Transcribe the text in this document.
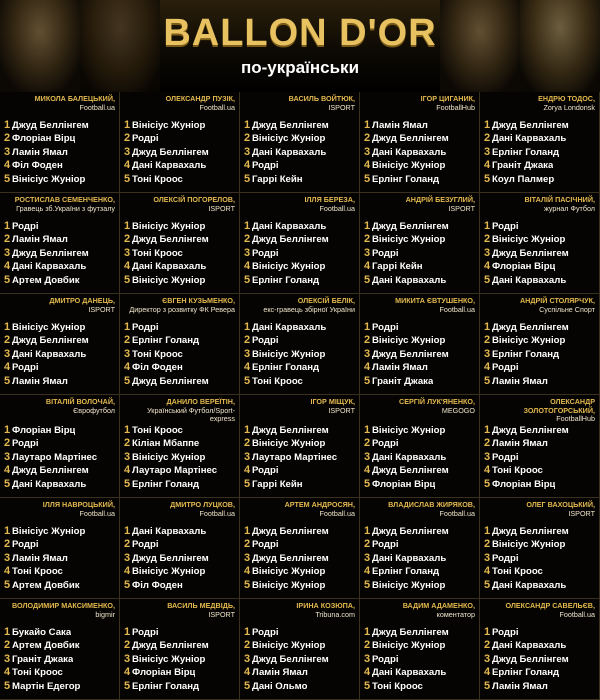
BALLON D'OR
по-українськи
МИКОЛА БАЛЕЦЬКИЙ,
Football.ua
1 Джуд Беллінгем
2 Флоріан Вірц
3 Ламін Ямал
4 Філ Фоден
5 Вінісіус Жуніор
ОЛЕКСАНДР ПУЗІК,
Football.ua
1 Вінісіус Жуніор
2 Родрі
3 Джуд Беллінгем
4 Дані Карвахаль
5 Тоні Кроос
ВАСИЛЬ ВОЙТЮК,
ISPORT
1 Джуд Беллінгем
2 Вінісіус Жуніор
3 Дані Карвахаль
4 Родрі
5 Гаррі Кейн
ІГОР ЦИГАНИК,
FootballHub
1 Ламін Ямал
2 Джуд Беллінгем
3 Дані Карвахаль
4 Вінісіус Жуніор
5 Ерлінг Голанд
ЕНДРЮ ТОДОС,
Zorya Londonsk
1 Джуд Беллінгем
2 Дані Карвахаль
3 Ерлінг Голанд
4 Граніт Джака
5 Коул Палмер
РОСТИСЛАВ СЕМЕНЧЕНКО,
Гравець зб.України з футзалу
1 Родрі
2 Ламін Ямал
3 Джуд Беллінгем
4 Дані Карвахаль
5 Артем Довбик
ОЛЕКСІЙ ПОГОРЕЛОВ,
ISPORT
1 Вінісіус Жуніор
2 Джуд Беллінгем
3 Тоні Кроос
4 Дані Карвахаль
5 Вінісіус Жуніор
ІЛЛЯ БЕРЕЗА,
Football.ua
1 Дані Карвахаль
2 Джуд Беллінгем
3 Родрі
4 Вінісіус Жуніор
5 Ерлінг Голанд
АНДРІЙ БЕЗУГЛИЙ,
ISPORT
1 Джуд Беллінгем
2 Вінісіус Жуніор
3 Родрі
4 Гаррі Кейн
5 Дані Карвахаль
ВІТАЛІЙ ПАСІЧНИЙ,
журнал Футбол
1 Родрі
2 Вінісіус Жуніор
3 Джуд Беллінгем
4 Флоріан Вірц
5 Дані Карвахаль
ДМИТРО ДАНЕЦЬ,
ISPORT
1 Вінісіус Жуніор
2 Джуд Беллінгем
3 Дані Карвахаль
4 Родрі
5 Ламін Ямал
ЄВГЕН КУЗЬМЕНКО,
Директор з розвитку ФК Ревера
1 Родрі
2 Ерлінг Голанд
3 Тоні Кроос
4 Філ Фоден
5 Джуд Беллінгем
ОЛЕКСІЙ БЕЛІК,
екс-гравець збірної України
1 Дані Карвахаль
2 Родрі
3 Вінісіус Жуніор
4 Ерлінг Голанд
5 Тоні Кроос
МИКИТА ЄВТУШЕНКО,
Football.ua
1 Родрі
2 Вінісіус Жуніор
3 Джуд Беллінгем
4 Ламін Ямал
5 Граніт Джака
АНДРІЙ СТОЛЯРЧУК,
Суспільне Спорт
1 Джуд Беллінгем
2 Вінісіус Жуніор
3 Ерлінг Голанд
4 Родрі
5 Ламін Ямал
ВІТАЛІЙ ВОЛОЧАЙ,
Єврофутбол
1 Флоріан Вірц
2 Родрі
3 Лаутаро Мартінес
4 Джуд Беллінгем
5 Дані Карвахаль
ДАНИЛО ВЕРЕЇТІН,
Український Футбол/Sport-express
1 Тоні Кроос
2 Кіліан Мбаппе
3 Вінісіус Жуніор
4 Лаутаро Мартінес
5 Ерлінг Голанд
ІГОР МІЩУК,
ISPORT
1 Джуд Беллінгем
2 Вінісіус Жуніор
3 Лаутаро Мартінес
4 Родрі
5 Гаррі Кейн
СЕРГІЙ ЛУК'ЯНЕНКО,
MEGOGO
1 Вінісіус Жуніор
2 Родрі
3 Дані Карвахаль
4 Джуд Беллінгем
5 Флоріан Вірц
ОЛЕКСАНДР ЗОЛОТОГОРСЬКИЙ,
FootballHub
1 Джуд Беллінгем
2 Ламін Ямал
3 Родрі
4 Тоні Кроос
5 Флоріан Вірц
ІЛЛЯ НАВРОЦЬКИЙ,
Football.ua
1 Вінісіус Жуніор
2 Родрі
3 Ламін Ямал
4 Тоні Кроос
5 Артем Довбик
ДМИТРО ЛУЦКОВ,
Football.ua
1 Дані Карвахаль
2 Родрі
3 Джуд Беллінгем
4 Вінісіус Жуніор
5 Філ Фоден
АРТЕМ АНДРОСЯН,
Football.ua
1 Джуд Беллінгем
2 Родрі
3 Джуд Беллінгем
4 Вінісіус Жуніор
5 Вінісіус Жуніор
ВЛАДИСЛАВ ЖИРЯКОВ,
Football.ua
1 Джуд Беллінгем
2 Родрі
3 Дані Карвахаль
4 Ерлінг Голанд
5 Вінісіус Жуніор
ОЛЕГ ВАХОЦЬКИЙ,
ISPORT
1 Джуд Беллінгем
2 Вінісіус Жуніор
3 Родрі
4 Тоні Кроос
5 Дані Карвахаль
ВОЛОДИМИР МАКСИМЕНКО,
bigmir
1 Букайо Сака
2 Артем Довбик
3 Граніт Джака
4 Тоні Кроос
5 Мартін Едегор
ВАСИЛЬ МЕДВІДЬ,
ISPORT
1 Родрі
2 Джуд Беллінгем
3 Вінісіус Жуніор
4 Флоріан Вірц
5 Ерлінг Голанд
ІРИНА КОЗЮПА,
Tribuna.com
1 Родрі
2 Вінісіус Жуніор
3 Джуд Беллінгем
4 Ламін Ямал
5 Дані Ольмо
ВАДИМ АДАМЕНКО,
коментатор
1 Джуд Беллінгем
2 Вінісіус Жуніор
3 Родрі
4 Дані Карвахаль
5 Тоні Кроос
ОЛЕКСАНДР САВЕЛЬЄВ,
Football.ua
1 Родрі
2 Дані Карвахаль
3 Джуд Беллінгем
4 Ерлінг Голанд
5 Ламін Ямал
